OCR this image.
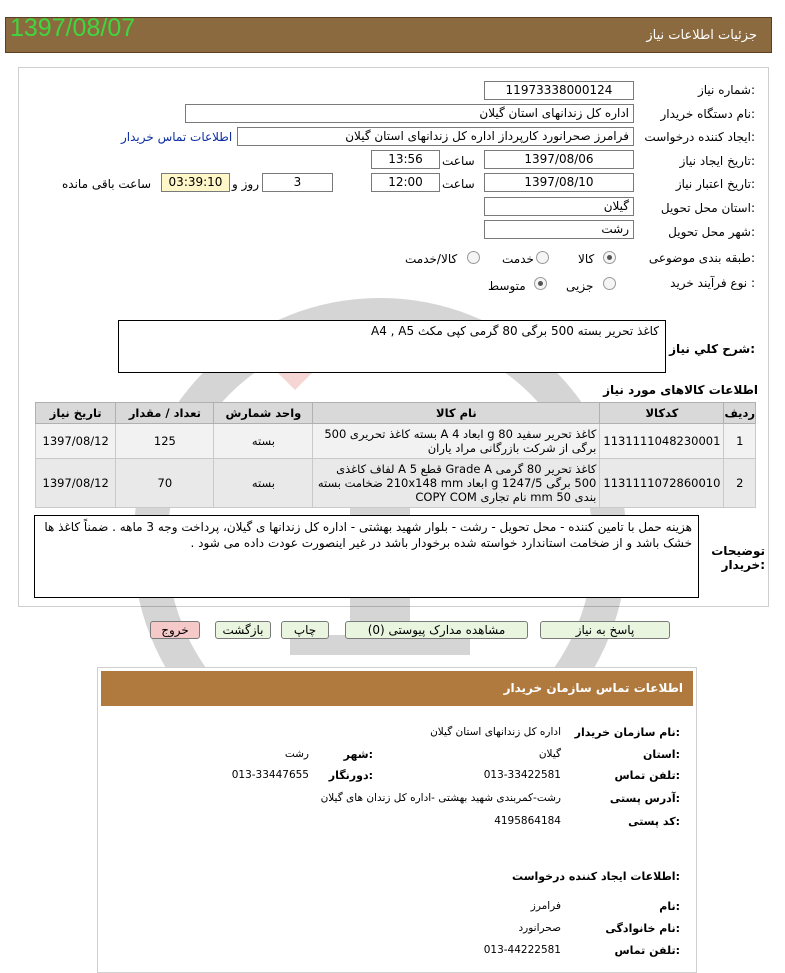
جزئیات اطلاعات نیاز
1397/08/07
شماره نیاز:
11973338000124
نام دستگاه خریدار:
اداره کل زندانهای استان گیلان
ایجاد کننده درخواست:
فرامرز صحرانورد کارپرداز اداره کل زندانهای استان گیلان
اطلاعات تماس خریدار
تاریخ ایجاد نیاز:
1397/08/06
ساعت
13:56
تاریخ اعتبار نیاز:
1397/08/10
ساعت
12:00
3
روز و
03:39:10
ساعت باقی مانده
استان محل تحویل:
گیلان
شهر محل تحویل:
رشت
طبقه بندی موضوعی:
کالا
خدمت
کالا/خدمت
نوع فرآیند خرید :
جزیی
متوسط
شرح کلي نياز:
کاغذ تحریر بسته 500 برگی 80 گرمی کپی مکث A4 , A5
اطلاعات کالاهای مورد نیاز
ردیف	کدکالا	نام کالا	واحد شمارش	تعداد / مقدار	تاریخ نیاز
1	1131111048230001	کاغذ تحریر سفید 80 g ابعاد A 4 بسته کاغذ تحریری 500 برگی از شرکت بازرگانی مراد یاران	بسته	125	1397/08/12
2	1131111072860010	کاغذ تحریر 80 گرمی Grade A قطع A 5 لفاف کاغذی 500 برگی g 1247/5 ابعاد 210x148 mm ضخامت بسته بندی 50 mm نام تجاری COPY COM	بسته	70	1397/08/12
توضیحات خریدار:
هزینه حمل با تامین کننده - محل تحویل - رشت - بلوار شهید بهشتی - اداره کل زندانها ی گیلان، پرداخت وجه 3 ماهه . ضمناً کاغذ ها خشک باشد و از ضخامت استاندارد خواسته شده برخودار باشد در غیر اینصورت عودت داده می شود .
پاسخ به نیاز
مشاهده مدارک پیوستی (0)
چاپ
بازگشت
خروج
اطلاعات تماس سازمان خریدار
نام سازمان خریدار:
اداره کل زندانهای استان گیلان
استان:
گیلان
شهر:
رشت
تلفن تماس:
013-33422581
دورنگار:
013-33447655
آدرس پستی:
رشت-کمربندی شهید بهشتی -اداره کل زندان های گیلان
کد پستی:
4195864184
اطلاعات ایجاد کننده درخواست:
نام:
فرامرز
نام خانوادگی:
صحرانورد
تلفن تماس:
013-44222581
